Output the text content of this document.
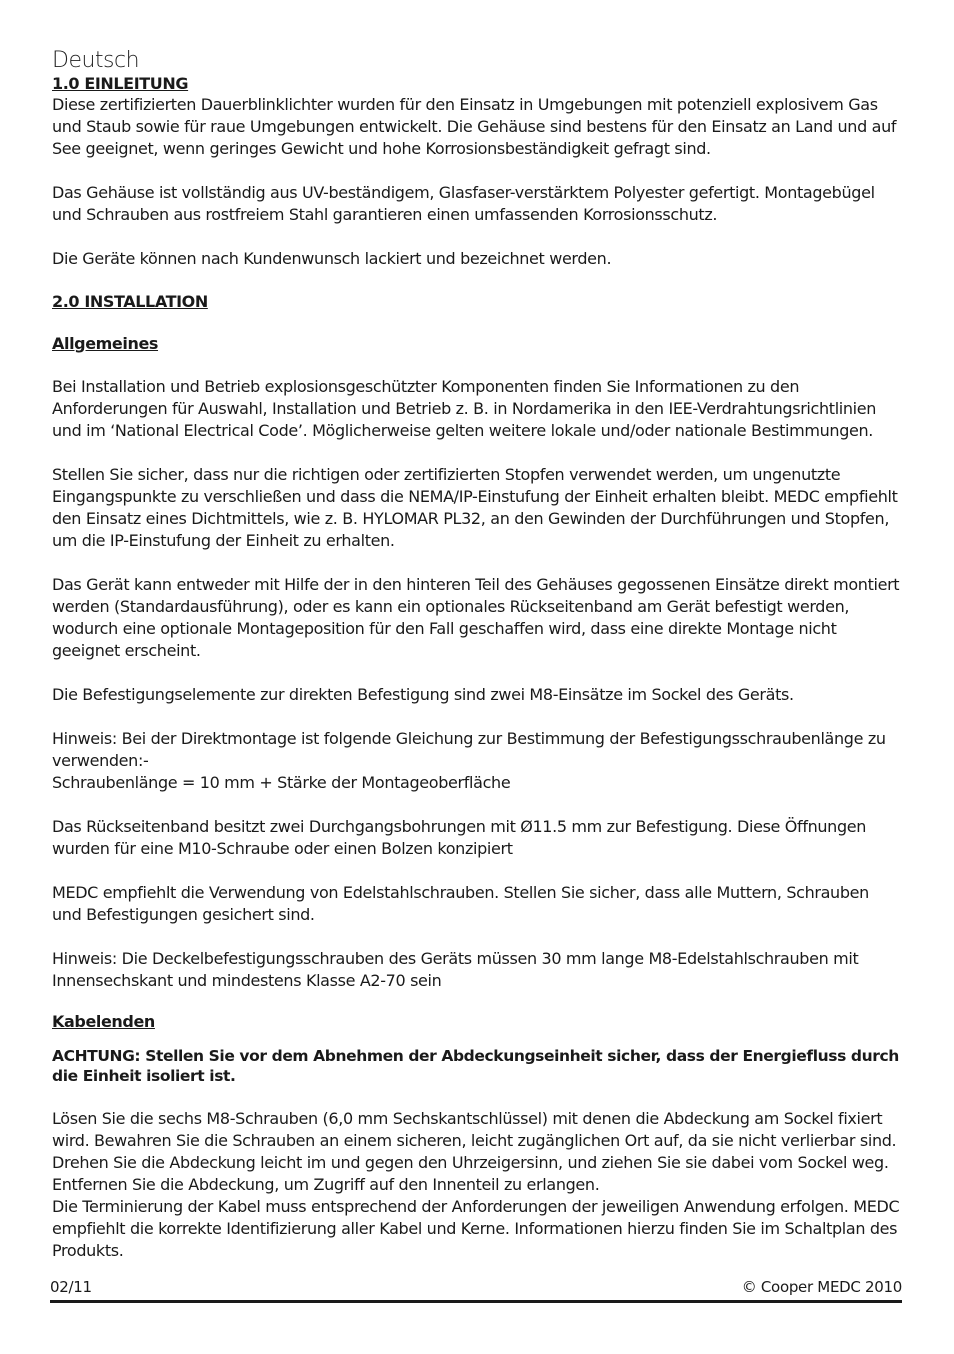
Deutsch
1.0 EINLEITUNG

Diese zertifizierten Dauerblinklichter wurden für den Einsatz in Umgebungen mit potenziell explosivem Gas und Staub sowie für raue Umgebungen entwickelt. Die Gehäuse sind bestens für den Einsatz an Land und auf See geeignet, wenn geringes Gewicht und hohe Korrosionsbeständigkeit gefragt sind.

Das Gehäuse ist vollständig aus UV-beständigem, Glasfaser-verstärktem Polyester gefertigt. Montagebügel und Schrauben aus rostfreiem Stahl garantieren einen umfassenden Korrosionsschutz.

Die Geräte können nach Kundenwunsch lackiert und bezeichnet werden.

2.0 INSTALLATION
Allgemeines

Bei Installation und Betrieb explosionsgeschützter Komponenten finden Sie Informationen zu den Anforderungen für Auswahl, Installation und Betrieb z. B. in Nordamerika in den IEE-Verdrahtungsrichtlinien und im ‘National Electrical Code’. Möglicherweise gelten weitere lokale und/oder nationale Bestimmungen.

Stellen Sie sicher, dass nur die richtigen oder zertifizierten Stopfen verwendet werden, um ungenutzte Eingangspunkte zu verschließen und dass die NEMA/IP-Einstufung der Einheit erhalten bleibt. MEDC empfiehlt den Einsatz eines Dichtmittels, wie z. B. HYLOMAR PL32, an den Gewinden der Durchführungen und Stopfen, um die IP-Einstufung der Einheit zu erhalten.

Das Gerät kann entweder mit Hilfe der in den hinteren Teil des Gehäuses gegossenen Einsätze direkt montiert werden (Standardausführung), oder es kann ein optionales Rückseitenband am Gerät befestigt werden, wodurch eine optionale Montageposition für den Fall geschaffen wird, dass eine direkte Montage nicht geeignet erscheint.

Die Befestigungselemente zur direkten Befestigung sind zwei M8-Einsätze im Sockel des Geräts.

Hinweis: Bei der Direktmontage ist folgende Gleichung zur Bestimmung der Befestigungsschraubenlänge zu verwenden:-

Schraubenlänge = 10 mm + Stärke der Montageoberfläche

Das Rückseitenband besitzt zwei Durchgangsbohrungen mit Ø11.5 mm zur Befestigung. Diese Öffnungen wurden für eine M10-Schraube oder einen Bolzen konzipiert

MEDC empfiehlt die Verwendung von Edelstahlschrauben. Stellen Sie sicher, dass alle Muttern, Schrauben und Befestigungen gesichert sind.

Hinweis: Die Deckelbefestigungsschrauben des Geräts müssen 30 mm lange M8-Edelstahlschrauben mit Innensechskant und mindestens Klasse A2-70 sein

Kabelenden

ACHTUNG: Stellen Sie vor dem Abnehmen der Abdeckungseinheit sicher, dass der Energiefluss durch die Einheit isoliert ist.

Lösen Sie die sechs M8-Schrauben (6,0 mm Sechskantschlüssel) mit denen die Abdeckung am Sockel fixiert wird. Bewahren Sie die Schrauben an einem sicheren, leicht zugänglichen Ort auf, da sie nicht verlierbar sind. Drehen Sie die Abdeckung leicht im und gegen den Uhrzeigersinn, und ziehen Sie sie dabei vom Sockel weg. Entfernen Sie die Abdeckung, um Zugriff auf den Innenteil zu erlangen.

Die Terminierung der Kabel muss entsprechend der Anforderungen der jeweiligen Anwendung erfolgen. MEDC empfiehlt die korrekte Identifizierung aller Kabel und Kerne. Informationen hierzu finden Sie im Schaltplan des Produkts.

02/11	© Cooper MEDC 2010
